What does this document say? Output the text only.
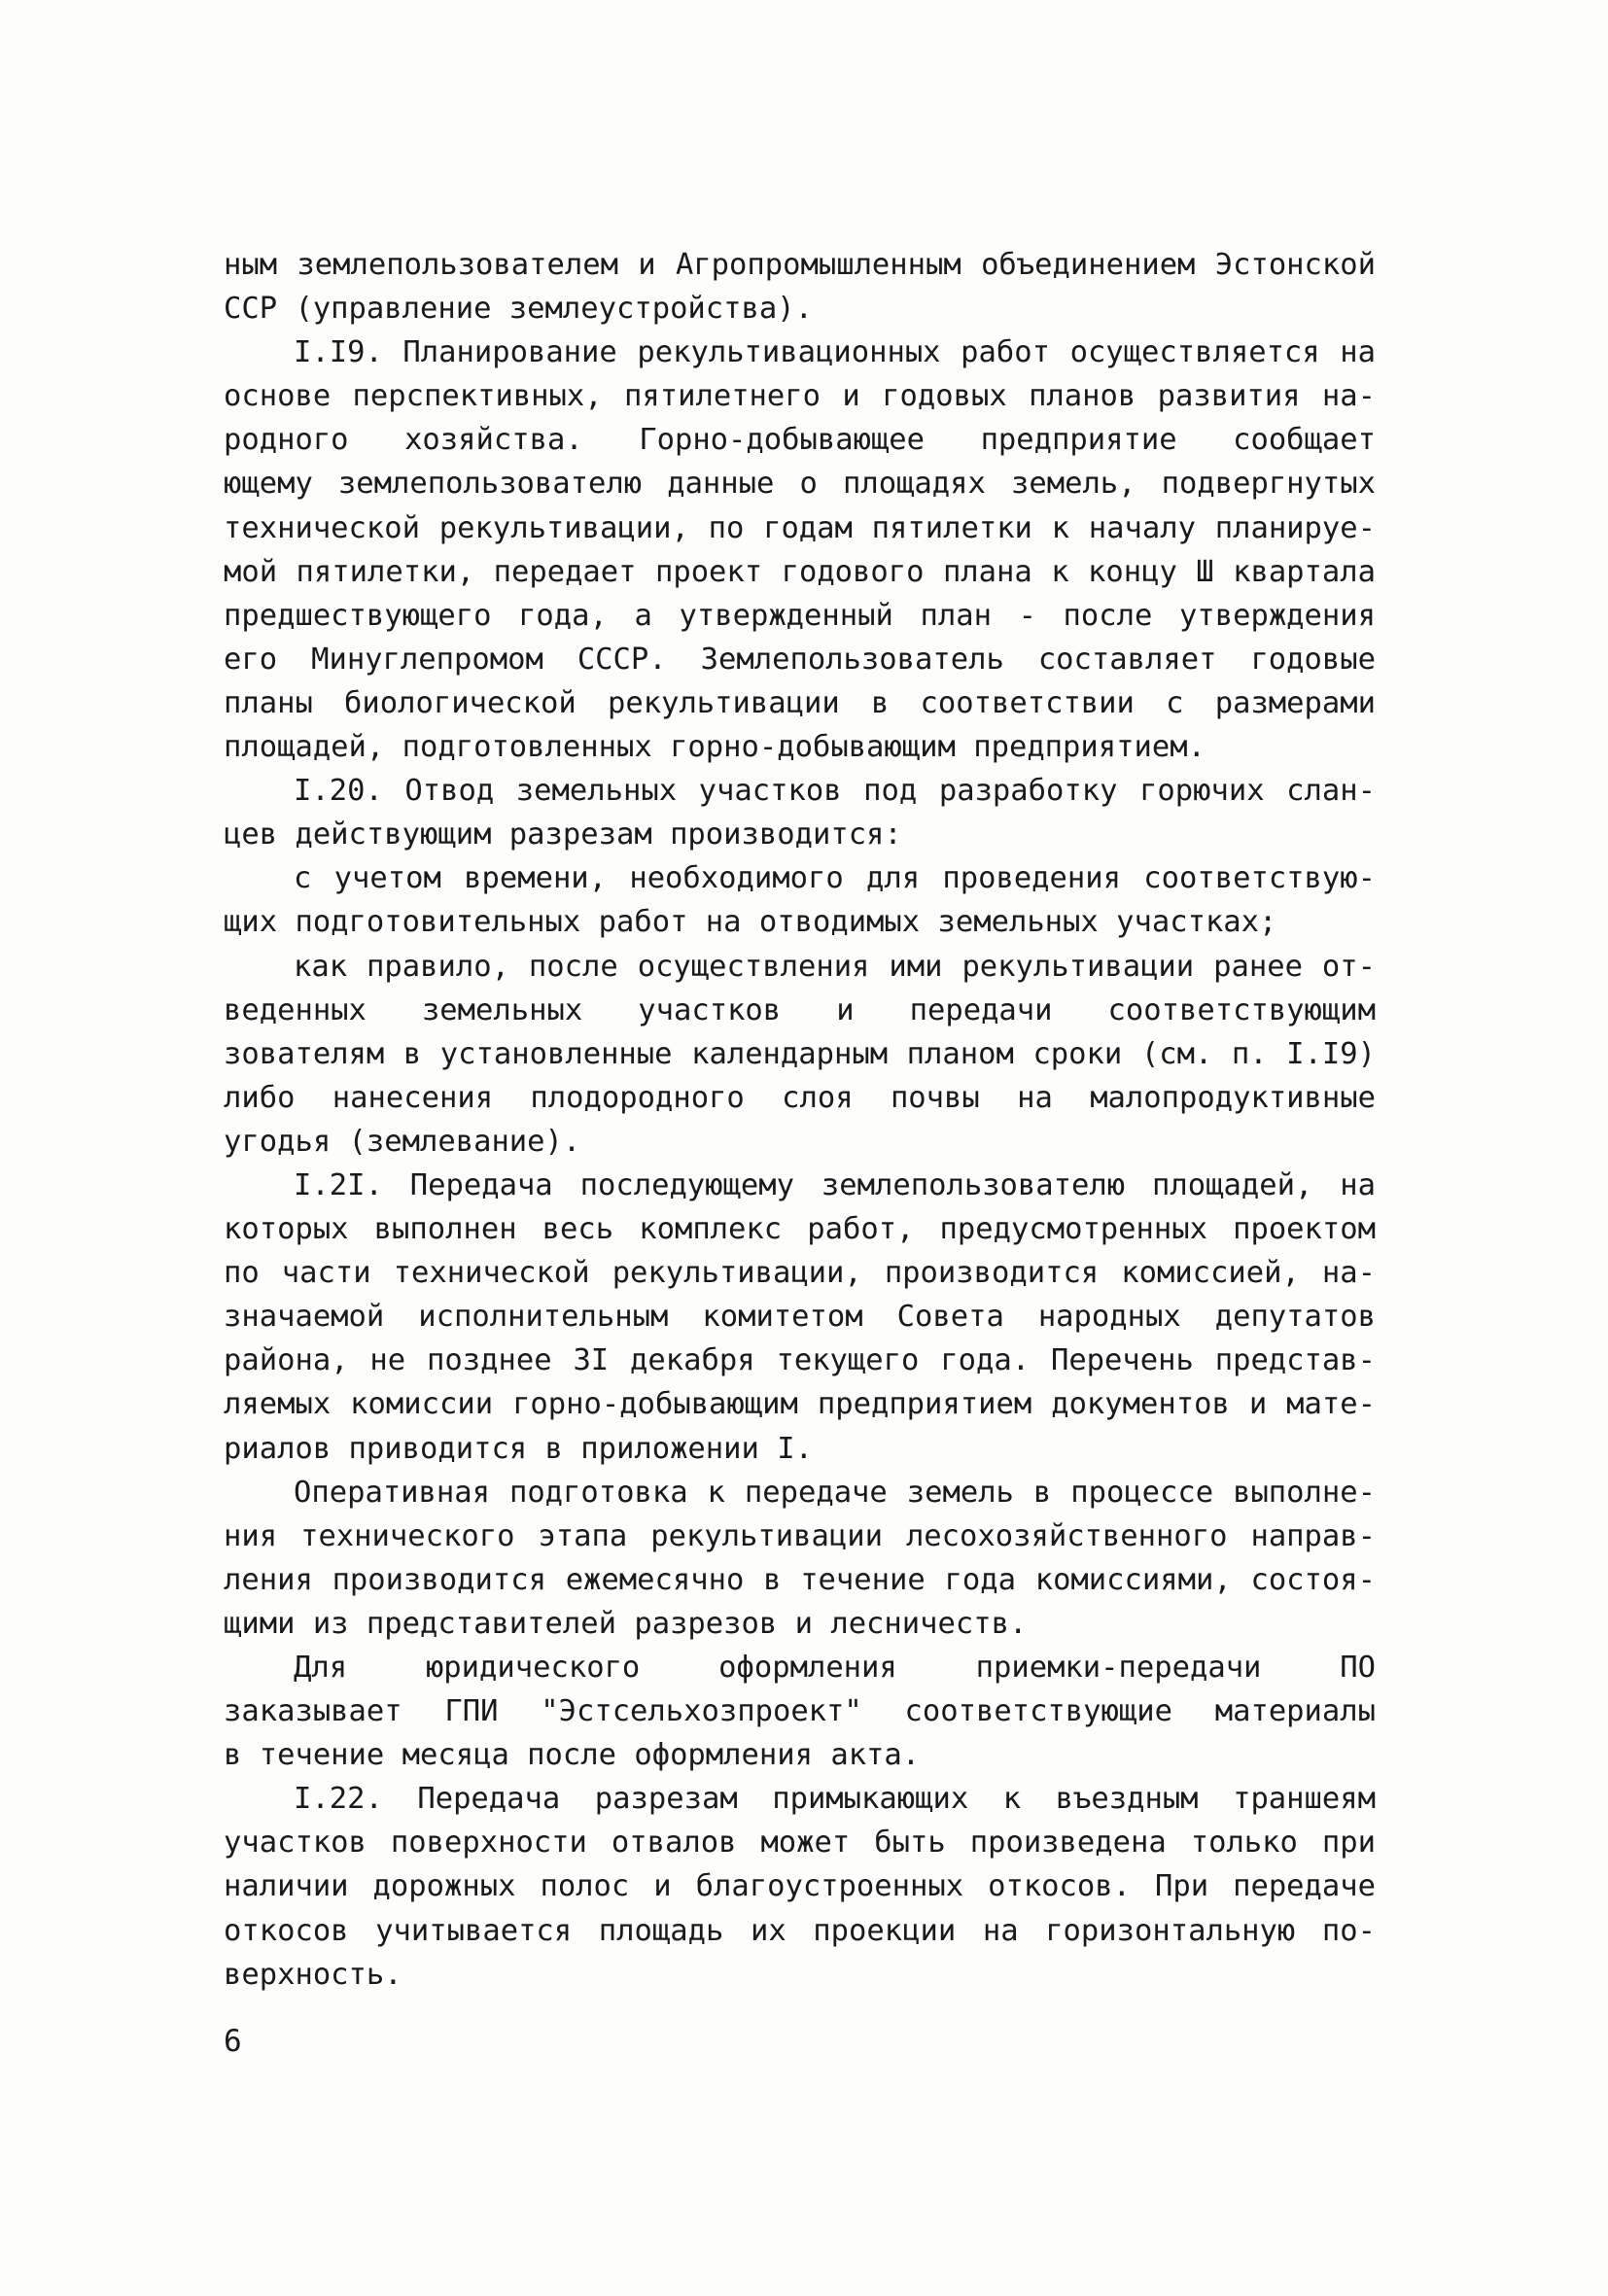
ным землепользователем и Агропромышленным объединением Эстонской
ССР (управление землеустройства).
I.I9. Планирование рекультивационных работ осуществляется на
основе перспективных, пятилетнего и годовых планов развития на-
родного хозяйства. Горно-добывающее предприятие сообщает
ющему землепользователю данные о площадях земель, подвергнутых
технической рекультивации, по годам пятилетки к началу планируе-
мой пятилетки, передает проект годового плана к концу Ш квартала
предшествующего года, а утвержденный план - после утверждения
его Минуглепромом СССР. Землепользователь составляет годовые
планы биологической рекультивации в соответствии с размерами
площадей, подготовленных горно-добывающим предприятием.
I.20. Отвод земельных участков под разработку горючих слан-
цев действующим разрезам производится:
с учетом времени, необходимого для проведения соответствую-
щих подготовительных работ на отводимых земельных участках;
как правило, после осуществления ими рекультивации ранее от-
веденных земельных участков и передачи соответствующим
зователям в установленные календарным планом сроки (см. п. I.I9)
либо нанесения плодородного слоя почвы на малопродуктивные
угодья (землевание).
I.2I. Передача последующему землепользователю площадей, на
которых выполнен весь комплекс работ, предусмотренных проектом
по части технической рекультивации, производится комиссией, на-
значаемой исполнительным комитетом Совета народных депутатов
района, не позднее 3I декабря текущего года. Перечень представ-
ляемых комиссии горно-добывающим предприятием документов и мате-
риалов приводится в приложении I.
Оперативная подготовка к передаче земель в процессе выполне-
ния технического этапа рекультивации лесохозяйственного направ-
ления производится ежемесячно в течение года комиссиями, состоя-
щими из представителей разрезов и лесничеств.
Для юридического оформления приемки-передачи ПО
заказывает ГПИ "Эстсельхозпроект" соответствующие материалы
в течение месяца после оформления акта.
I.22. Передача разрезам примыкающих к въездным траншеям
участков поверхности отвалов может быть произведена только при
наличии дорожных полос и благоустроенных откосов. При передаче
откосов учитывается площадь их проекции на горизонтальную по-
верхность.
6
